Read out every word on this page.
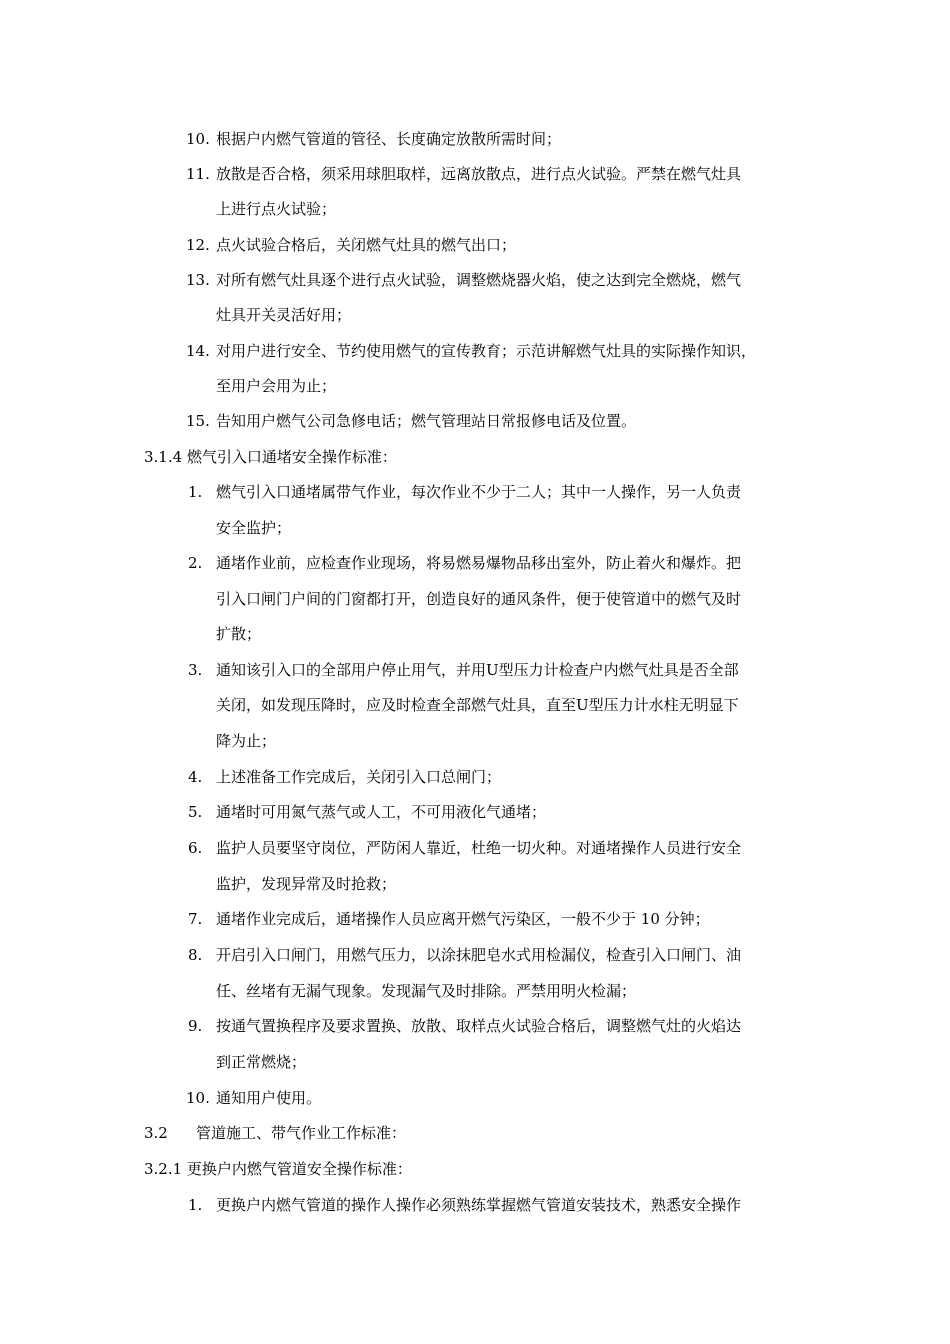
10. 根据户内燃气管道的管径、长度确定放散所需时间；
11. 放散是否合格，须采用球胆取样，远离放散点，进行点火试验。严禁在燃气灶具
上进行点火试验；
12. 点火试验合格后，关闭燃气灶具的燃气出口；
13. 对所有燃气灶具逐个进行点火试验，调整燃烧器火焰，使之达到完全燃烧，燃气
灶具开关灵活好用；
14. 对用户进行安全、节约使用燃气的宣传教育；示范讲解燃气灶具的实际操作知识，
至用户会用为止；
15. 告知用户燃气公司急修电话；燃气管理站日常报修电话及位置。
3.1.4 燃气引入口通堵安全操作标准：
1. 燃气引入口通堵属带气作业，每次作业不少于二人；其中一人操作，另一人负责
安全监护；
2. 通堵作业前，应检查作业现场，将易燃易爆物品移出室外，防止着火和爆炸。把
引入口闸门户间的门窗都打开，创造良好的通风条件，便于使管道中的燃气及时
扩散；
3. 通知该引入口的全部用户停止用气，并用U型压力计检查户内燃气灶具是否全部
关闭，如发现压降时，应及时检查全部燃气灶具，直至U型压力计水柱无明显下
降为止；
4. 上述准备工作完成后，关闭引入口总闸门；
5. 通堵时可用氮气蒸气或人工，不可用液化气通堵；
6. 监护人员要坚守岗位，严防闲人靠近，杜绝一切火种。对通堵操作人员进行安全
监护，发现异常及时抢救；
7. 通堵作业完成后，通堵操作人员应离开燃气污染区，一般不少于 10 分钟；
8. 开启引入口闸门，用燃气压力，以涂抹肥皂水式用检漏仪，检查引入口闸门、油
任、丝堵有无漏气现象。发现漏气及时排除。严禁用明火检漏；
9. 按通气置换程序及要求置换、放散、取样点火试验合格后，调整燃气灶的火焰达
到正常燃烧；
10. 通知用户使用。
3.2 管道施工、带气作业工作标准：
3.2.1 更换户内燃气管道安全操作标准：
1. 更换户内燃气管道的操作人操作必须熟练掌握燃气管道安装技术，熟悉安全操作
